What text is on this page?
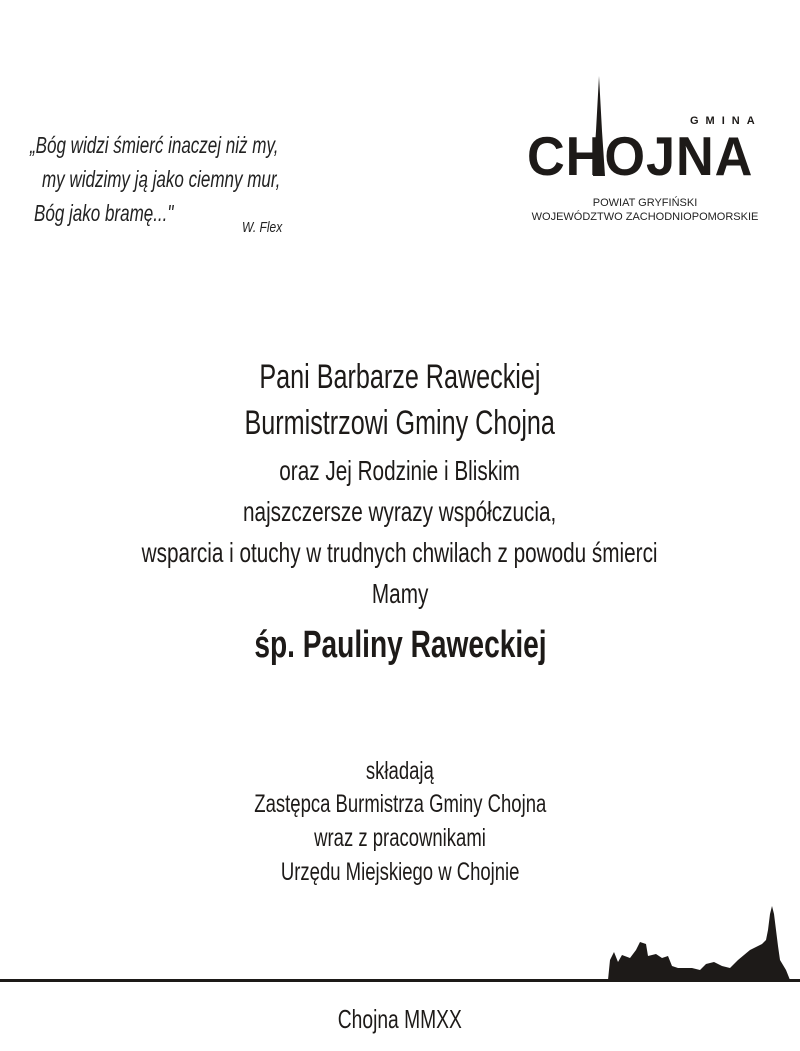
„Bóg widzi śmierć inaczej niż my,
my widzimy ją jako ciemny mur,
Bóg jako bramę..."
W. Flex
GMINA
CHOJNA
POWIAT GRYFIŃSKI
WOJEWÓDZTWO ZACHODNIOPOMORSKIE
Pani Barbarze Raweckiej
Burmistrzowi Gminy Chojna
oraz Jej Rodzinie i Bliskim
najszczersze wyrazy współczucia,
wsparcia i otuchy w trudnych chwilach z powodu śmierci
Mamy
śp. Pauliny Raweckiej
składają
Zastępca Burmistrza Gminy Chojna
wraz z pracownikami
Urzędu Miejskiego w Chojnie
Chojna MMXX
